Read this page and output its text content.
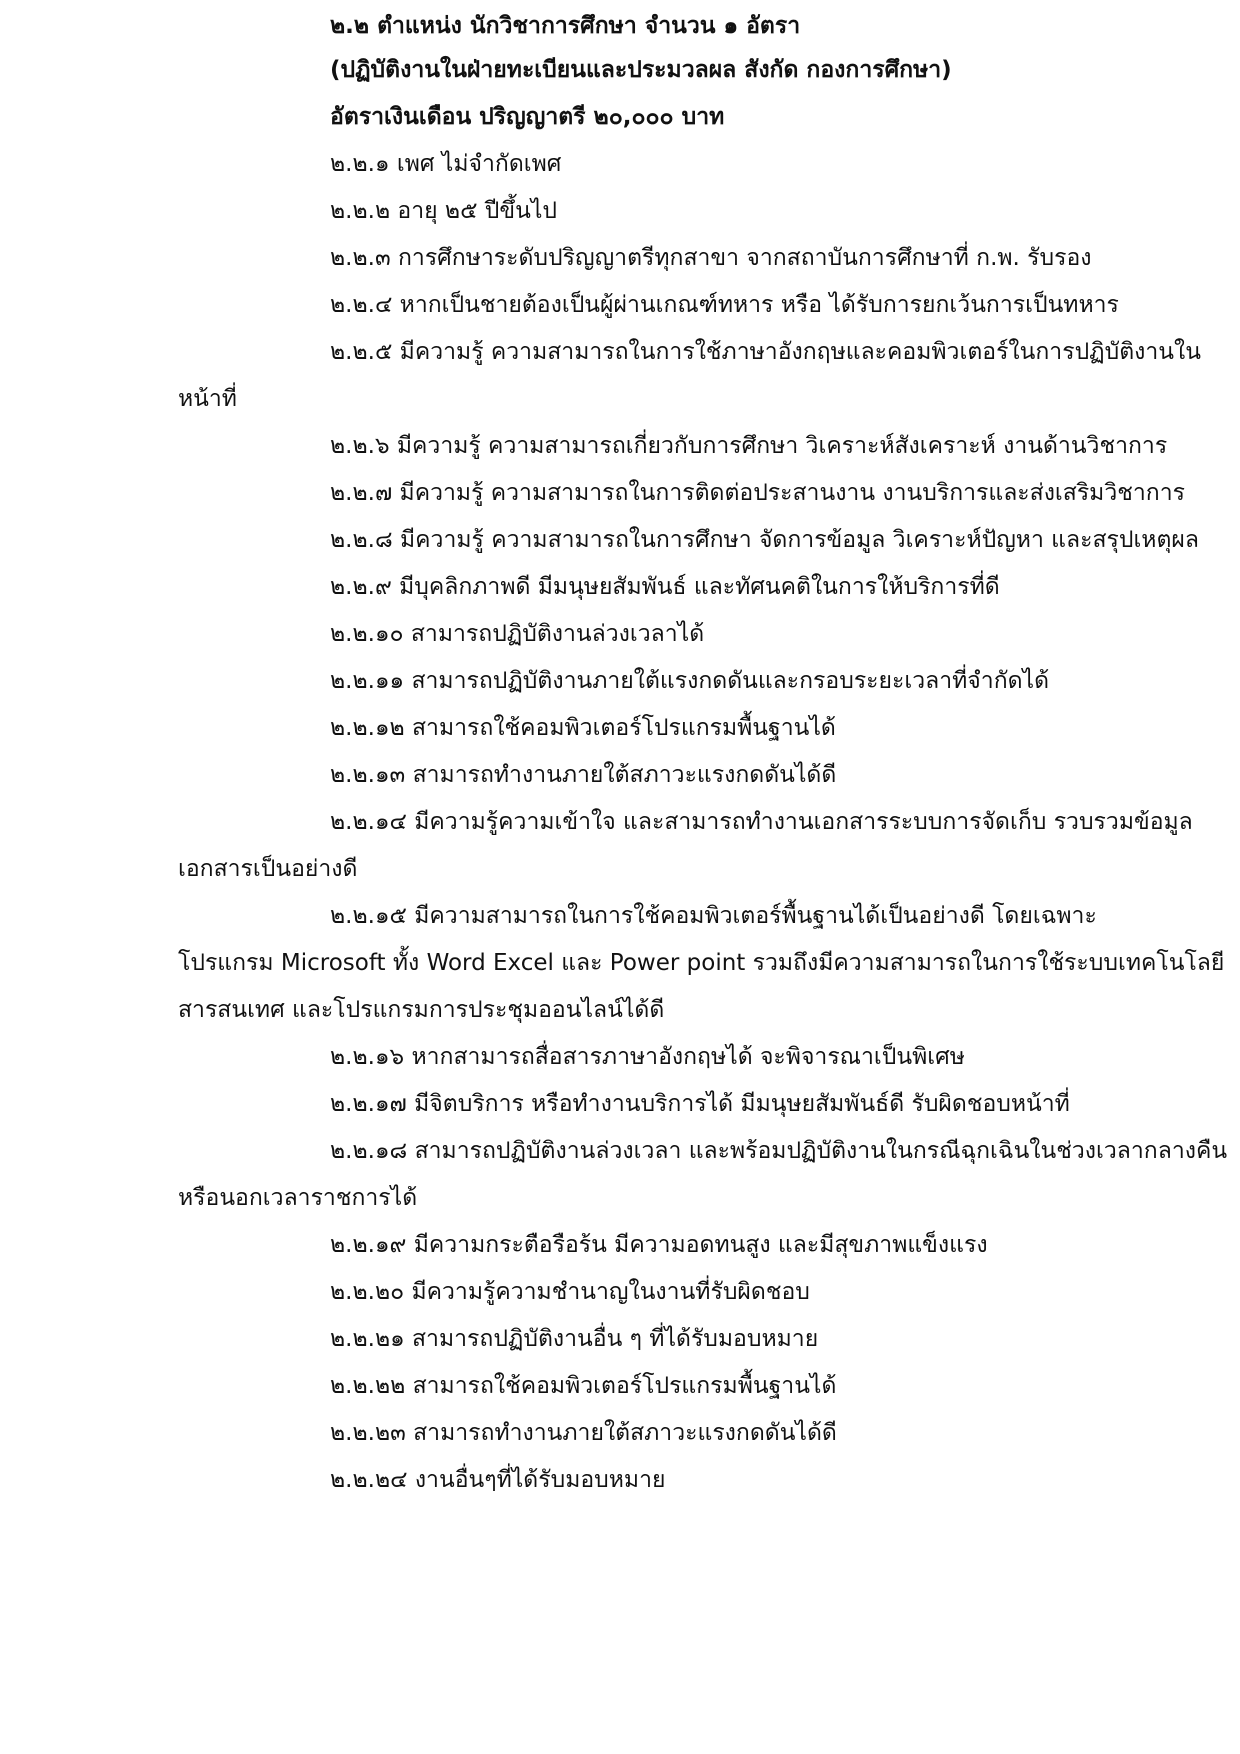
๒.๒ ตำแหน่ง นักวิชาการศึกษา จำนวน ๑ อัตรา
(ปฏิบัติงานในฝ่ายทะเบียนและประมวลผล สังกัด กองการศึกษา)
อัตราเงินเดือน ปริญญาตรี ๒๐,๐๐๐ บาท
๒.๒.๑ เพศ ไม่จำกัดเพศ
๒.๒.๒ อายุ ๒๕ ปีขึ้นไป
๒.๒.๓ การศึกษาระดับปริญญาตรีทุกสาขา จากสถาบันการศึกษาที่ ก.พ. รับรอง
๒.๒.๔ หากเป็นชายต้องเป็นผู้ผ่านเกณฑ์ทหาร หรือ ได้รับการยกเว้นการเป็นทหาร
๒.๒.๕ มีความรู้ ความสามารถในการใช้ภาษาอังกฤษและคอมพิวเตอร์ในการปฏิบัติงานใน
หน้าที่
๒.๒.๖ มีความรู้ ความสามารถเกี่ยวกับการศึกษา วิเคราะห์สังเคราะห์ งานด้านวิชาการ
๒.๒.๗ มีความรู้ ความสามารถในการติดต่อประสานงาน งานบริการและส่งเสริมวิชาการ
๒.๒.๘ มีความรู้ ความสามารถในการศึกษา จัดการข้อมูล วิเคราะห์ปัญหา และสรุปเหตุผล
๒.๒.๙ มีบุคลิกภาพดี มีมนุษยสัมพันธ์ และทัศนคติในการให้บริการที่ดี
๒.๒.๑๐ สามารถปฏิบัติงานล่วงเวลาได้
๒.๒.๑๑ สามารถปฏิบัติงานภายใต้แรงกดดันและกรอบระยะเวลาที่จำกัดได้
๒.๒.๑๒ สามารถใช้คอมพิวเตอร์โปรแกรมพื้นฐานได้
๒.๒.๑๓ สามารถทำงานภายใต้สภาวะแรงกดดันได้ดี
๒.๒.๑๔ มีความรู้ความเข้าใจ และสามารถทำงานเอกสารระบบการจัดเก็บ รวบรวมข้อมูล
เอกสารเป็นอย่างดี
๒.๒.๑๕ มีความสามารถในการใช้คอมพิวเตอร์พื้นฐานได้เป็นอย่างดี โดยเฉพาะ
โปรแกรม Microsoft ทั้ง Word Excel และ Power point รวมถึงมีความสามารถในการใช้ระบบเทคโนโลยี
สารสนเทศ และโปรแกรมการประชุมออนไลน์ได้ดี
๒.๒.๑๖ หากสามารถสื่อสารภาษาอังกฤษได้ จะพิจารณาเป็นพิเศษ
๒.๒.๑๗ มีจิตบริการ หรือทำงานบริการได้ มีมนุษยสัมพันธ์ดี รับผิดชอบหน้าที่
๒.๒.๑๘ สามารถปฏิบัติงานล่วงเวลา และพร้อมปฏิบัติงานในกรณีฉุกเฉินในช่วงเวลากลางคืน
หรือนอกเวลาราชการได้
๒.๒.๑๙ มีความกระตือรือร้น มีความอดทนสูง และมีสุขภาพแข็งแรง
๒.๒.๒๐ มีความรู้ความชำนาญในงานที่รับผิดชอบ
๒.๒.๒๑ สามารถปฏิบัติงานอื่น ๆ ที่ได้รับมอบหมาย
๒.๒.๒๒ สามารถใช้คอมพิวเตอร์โปรแกรมพื้นฐานได้
๒.๒.๒๓ สามารถทำงานภายใต้สภาวะแรงกดดันได้ดี
๒.๒.๒๔ งานอื่นๆที่ได้รับมอบหมาย
